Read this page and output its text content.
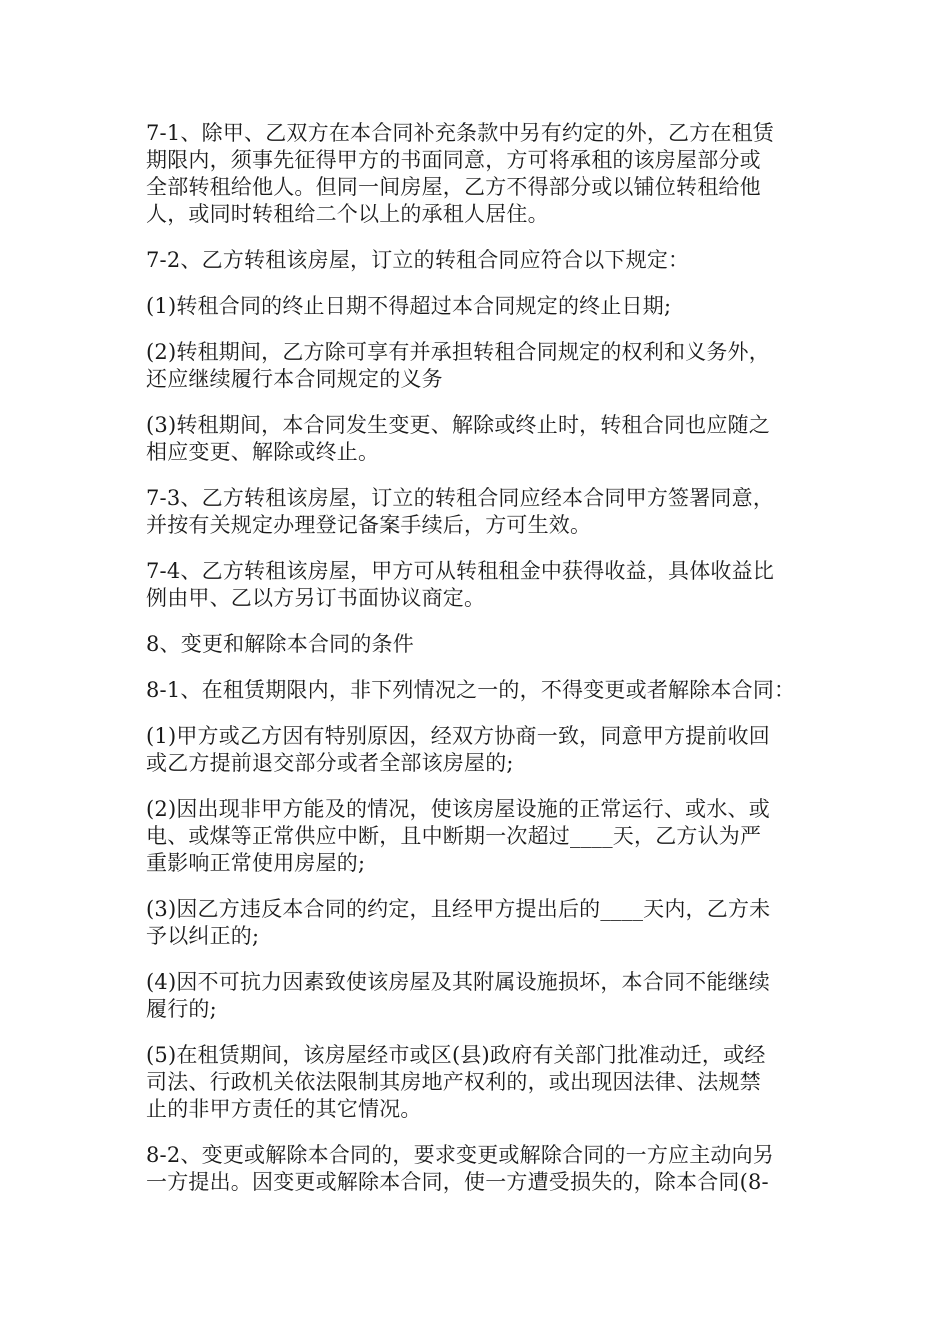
7-1、除甲、乙双方在本合同补充条款中另有约定的外，乙方在租赁
期限内，须事先征得甲方的书面同意，方可将承租的该房屋部分或
全部转租给他人。但同一间房屋，乙方不得部分或以铺位转租给他
人，或同时转租给二个以上的承租人居住。

7-2、乙方转租该房屋，订立的转租合同应符合以下规定：

(1)转租合同的终止日期不得超过本合同规定的终止日期;

(2)转租期间，乙方除可享有并承担转租合同规定的权利和义务外，
还应继续履行本合同规定的义务

(3)转租期间，本合同发生变更、解除或终止时，转租合同也应随之
相应变更、解除或终止。

7-3、乙方转租该房屋，订立的转租合同应经本合同甲方签署同意，
并按有关规定办理登记备案手续后，方可生效。

7-4、乙方转租该房屋，甲方可从转租租金中获得收益，具体收益比
例由甲、乙以方另订书面协议商定。

8、变更和解除本合同的条件

8-1、在租赁期限内，非下列情况之一的，不得变更或者解除本合同：

(1)甲方或乙方因有特别原因，经双方协商一致，同意甲方提前收回
或乙方提前退交部分或者全部该房屋的;

(2)因出现非甲方能及的情况，使该房屋设施的正常运行、或水、或
电、或煤等正常供应中断，且中断期一次超过____天，乙方认为严
重影响正常使用房屋的;

(3)因乙方违反本合同的约定，且经甲方提出后的____天内，乙方未
予以纠正的;

(4)因不可抗力因素致使该房屋及其附属设施损坏，本合同不能继续
履行的;

(5)在租赁期间，该房屋经市或区(县)政府有关部门批准动迁，或经
司法、行政机关依法限制其房地产权利的，或出现因法律、法规禁
止的非甲方责任的其它情况。

8-2、变更或解除本合同的，要求变更或解除合同的一方应主动向另
一方提出。因变更或解除本合同，使一方遭受损失的，除本合同(8-
